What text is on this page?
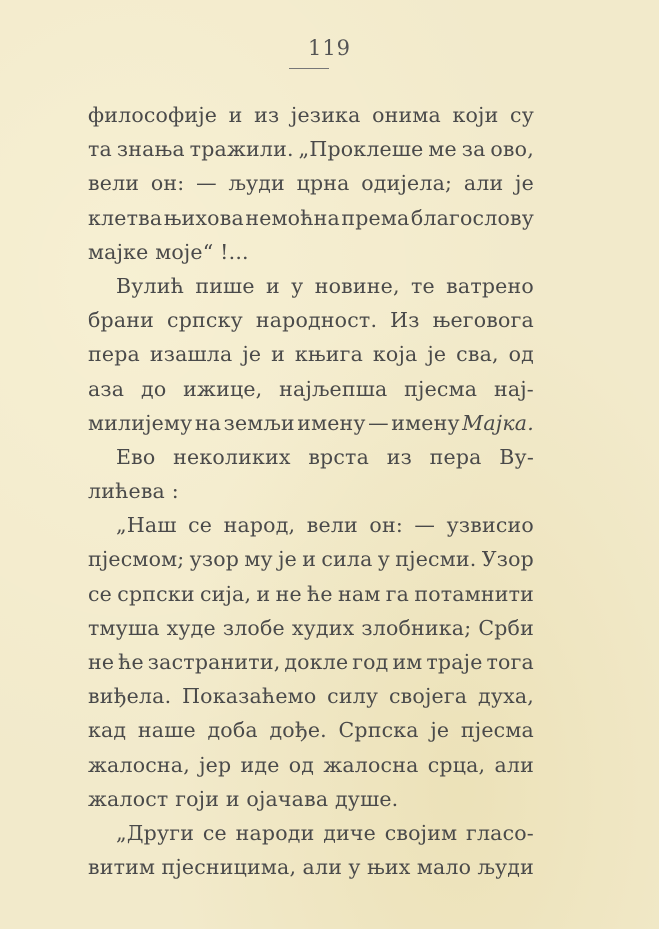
119
философије и из језика онима који су
та знања тражили. „Проклеше ме за ово,
вели он: — људи црна одијела; али је
клетва њихова немоћна према благослову
мајке
моје“
!...
Вулић пише и у новине, те ватрено
брани српску народност. Из његовога
пера изашла је и књига која је сва, од
аза до ижице, најљепша пјесма нај-
милијему на земљи имену — имену Мајка.
Ево неколиких врста из пера Ву-
лићева
:
„Наш се народ, вели он: — узвисио
пјесмом; узор му је и сила у пјесми. Узор
се српски сија, и не ће нам га потамнити
тмуша худе злобе худих злобника; Срби
не ће застранити, докле год им траје тога
виђела. Показаћемо силу својега духа,
кад наше доба дође. Српска је пјесма
жалосна, јер иде од жалосна срца, али
жалост
гоји
и
ојачава
душе.
„Други се народи диче својим гласо-
витим пјесницима, али у њих мало људи
